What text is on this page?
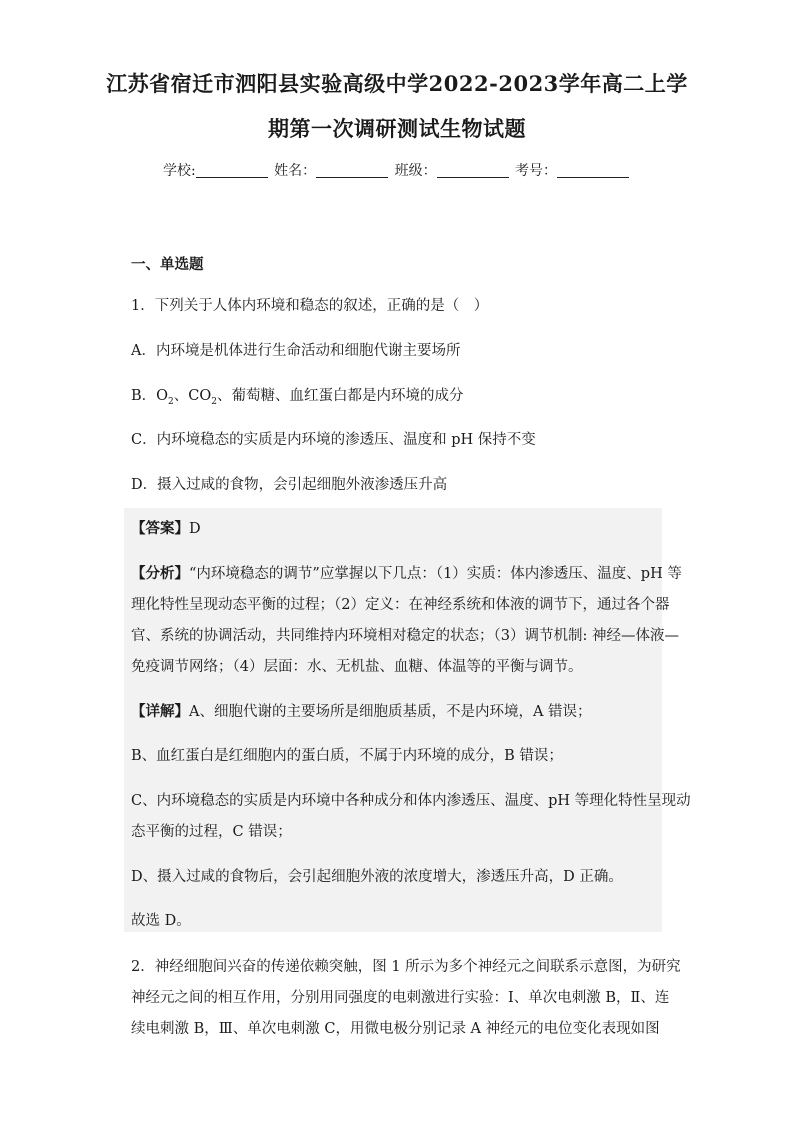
江苏省宿迁市泗阳县实验高级中学2022-2023学年高二上学
期第一次调研测试生物试题
学校:	姓名：	班级：	考号：
一、单选题
1．下列关于人体内环境和稳态的叙述，正确的是（　）
A．内环境是机体进行生命活动和细胞代谢主要场所
B．$O_2$、$CO_2$、葡萄糖、血红蛋白都是内环境的成分
C．内环境稳态的实质是内环境的渗透压、温度和 pH 保持不变
D．摄入过咸的食物，会引起细胞外液渗透压升高
【答案】D
【分析】“内环境稳态的调节”应掌握以下几点：（1）实质：体内渗透压、温度、pH 等
理化特性呈现动态平衡的过程；（2）定义：在神经系统和体液的调节下，通过各个器
官、系统的协调活动，共同维持内环境相对稳定的状态；（3）调节机制: 神经—体液—
免疫调节网络；（4）层面：水、无机盐、血糖、体温等的平衡与调节。
【详解】A、细胞代谢的主要场所是细胞质基质，不是内环境，A 错误；
B、血红蛋白是红细胞内的蛋白质，不属于内环境的成分，B 错误；
C、内环境稳态的实质是内环境中各种成分和体内渗透压、温度、pH 等理化特性呈现动
态平衡的过程，C 错误；
D、摄入过咸的食物后，会引起细胞外液的浓度增大，渗透压升高，D 正确。
故选 D。
2．神经细胞间兴奋的传递依赖突触，图 1 所示为多个神经元之间联系示意图，为研究
神经元之间的相互作用，分别用同强度的电刺激进行实验：Ⅰ、单次电刺激 B，Ⅱ、连
续电刺激 B，Ⅲ、单次电刺激 C，用微电极分别记录 A 神经元的电位变化表现如图
